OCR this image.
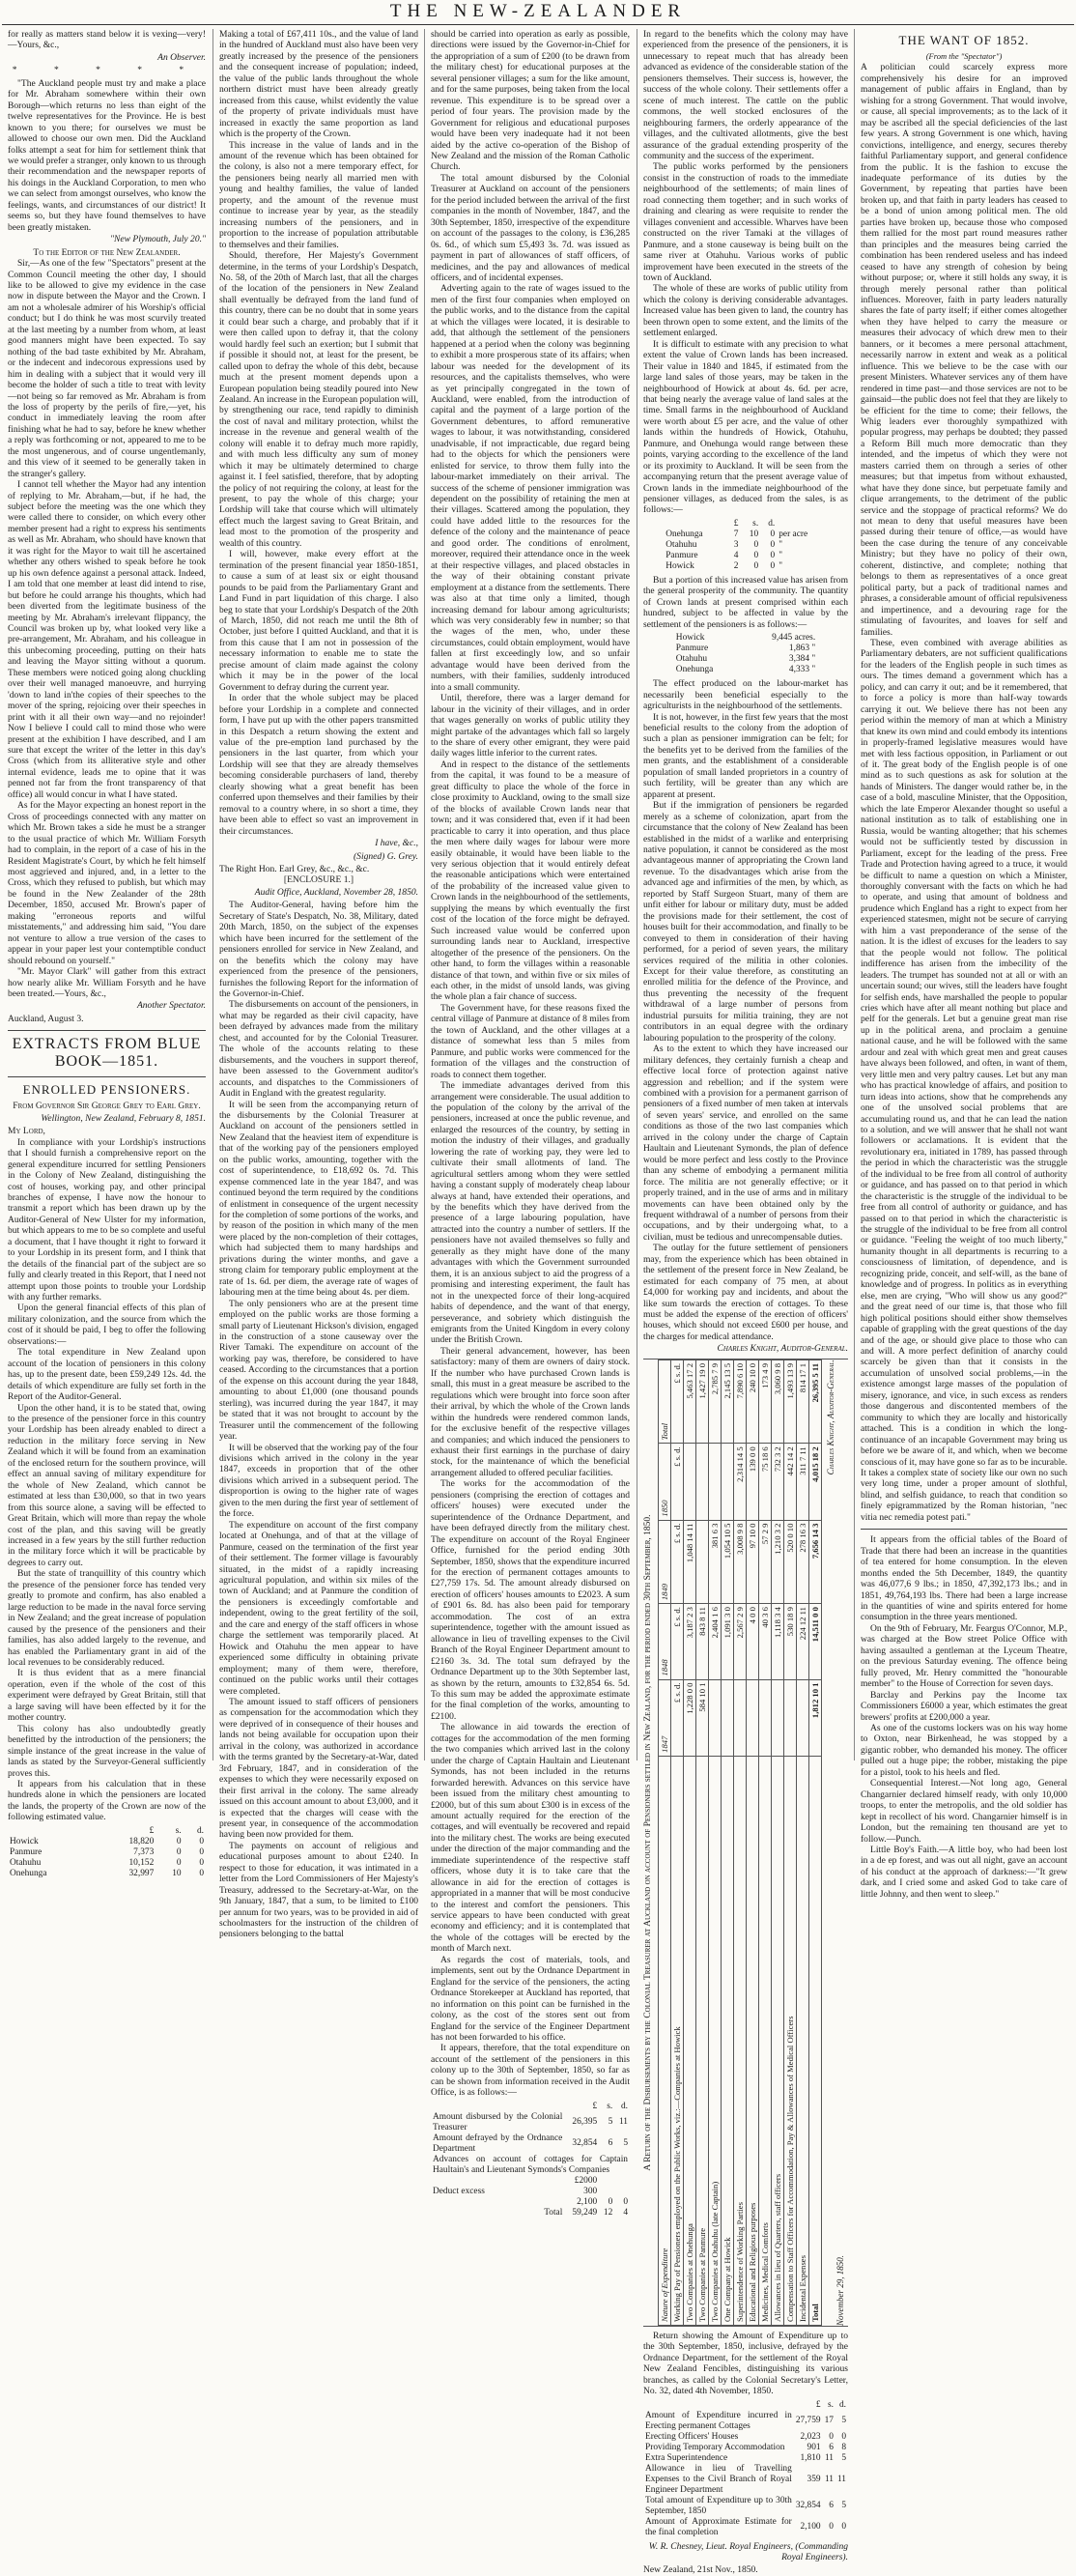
THE NEW-ZEALANDER

for really as matters stand below it is vexing—very!—Yours, &c.,

An Observer.
* * * * *

"The Auckland people must try and make a place for Mr. Abraham somewhere within their own Borough—which returns no less than eight of the twelve representatives for the Province. He is best known to you there; for ourselves we must be allowed to choose our own men. Did the Auckland folks attempt a seat for him for settlement think that we would prefer a stranger, only known to us through their recommendation and the newspaper reports of his doings in the Auckland Corporation, to men who we can select from amongst ourselves, who know the feelings, wants, and circumstances of our district! It seems so, but they have found themselves to have been greatly mistaken.

"New Plymouth, July 20."
To the Editor of the New Zealander.

Sir,—As one of the few "Spectators" present at the Common Council meeting the other day, I should like to be allowed to give my evidence in the case now in dispute between the Mayor and the Crown. I am not a wholesale admirer of his Worship's official conduct; but I do think he was most scurvily treated at the last meeting by a number from whom, at least good manners might have been expected. To say nothing of the bad taste exhibited by Mr. Abraham, or the indecent and indecorous expressions used by him in dealing with a subject that it would very ill become the holder of such a title to treat with levity—not being so far removed as Mr. Abraham is from the loss of property by the perils of fire,—yet, his conduct in immediately leaving the room after finishing what he had to say, before he knew whether a reply was forthcoming or not, appeared to me to be the most ungenerous, and of course ungentlemanly, and this view of it seemed to be generally taken in the stranger's gallery.

I cannot tell whether the Mayor had any intention of replying to Mr. Abraham,—but, if he had, the subject before the meeting was the one which they were called there to consider, on which every other member present had a right to express his sentiments as well as Mr. Abraham, who should have known that it was right for the Mayor to wait till he ascertained whether any others wished to speak before he took up his own defence against a personal attack. Indeed, I am told that one member at least did intend to rise, but before he could arrange his thoughts, which had been diverted from the legitimate business of the meeting by Mr. Abraham's irrelevant flippancy, the Council was broken up by, what looked very like a pre-arrangement, Mr. Abraham, and his colleague in this unbecoming proceeding, putting on their hats and leaving the Mayor sitting without a quorum. These members were noticed going along chuckling over their well managed manoeuvre, and hurrying 'down to land in'the copies of their speeches to the mover of the spring, rejoicing over their speeches in print with it all their own way—and no rejoinder! Now I believe I could call to mind those who were present at the exhibition I have described, and I am sure that except the writer of the letter in this day's Cross (which from its alliterative style and other internal evidence, leads me to opine that it was penned not far from the front transparency of that office) all would concur in what I have stated.

As for the Mayor expecting an honest report in the Cross of proceedings connected with any matter on which Mr. Brown takes a side he must be a stranger to the usual practice of which Mr. William Forsyth had to complain, in the report of a case of his in the Resident Magistrate's Court, by which he felt himself most aggrieved and injured, and, in a letter to the Cross, which they refused to publish, but which may be found in the New Zealander of the 28th December, 1850, accused Mr. Brown's paper of making "erroneous reports and wilful misstatements," and addressing him said, "You dare not venture to allow a true version of the cases to appear in your paper lest your contemptible conduct should rebound on yourself."

"Mr. Mayor Clark" will gather from this extract how nearly alike Mr. William Forsyth and he have been treated.—Yours, &c.,

Another Spectator.

Auckland, August 3.

EXTRACTS FROM BLUE BOOK—1851.
ENROLLED PENSIONERS.
From Governor Sir George Grey to Earl Grey.
Wellington, New Zealand, February 8, 1851.

My Lord,

In compliance with your Lordship's instructions that I should furnish a comprehensive report on the general expenditure incurred for settling Pensioners in the Colony of New Zealand, distinguishing the cost of houses, working pay, and other principal branches of expense, I have now the honour to transmit a report which has been drawn up by the Auditor-General of New Ulster for my information, but which appears to me to be so complete and useful a document, that I have thought it right to forward it to your Lordship in its present form, and I think that the details of the financial part of the subject are so fully and clearly treated in this Report, that I need not attempt upon those points to trouble your Lordship with any further remarks.

Upon the general financial effects of this plan of military colonization, and the source from which the cost of it should be paid, I beg to offer the following observations:—

The total expenditure in New Zealand upon account of the location of pensioners in this colony has, up to the present date, been £59,249 12s. 4d. the details of which expenditure are fully set forth in the Report of the Auditor-General.

Upon the other hand, it is to be stated that, owing to the presence of the pensioner force in this country your Lordship has been already enabled to direct a reduction in the military force serving in New Zealand which it will be found from an examination of the enclosed return for the southern province, will effect an annual saving of military expenditure for the whole of New Zealand, which cannot be estimated at less than £30,000, so that in two years from this source alone, a saving will be effected to Great Britain, which will more than repay the whole cost of the plan, and this saving will be greatly increased in a few years by the still further reduction in the military force which it will be practicable by degrees to carry out.

But the state of tranquillity of this country which the presence of the pensioner force has tended very greatly to promote and confirm, has also enabled a large reduction to be made in the naval force serving in New Zealand; and the great increase of population caused by the presence of the pensioners and their families, has also added largely to the revenue, and has enabled the Parliamentary grant in aid of the local revenues to be considerably reduced.

It is thus evident that as a mere financial operation, even if the whole of the cost of this experiment were defrayed by Great Britain, still that a large saving will have been effected by it for the mother country.

This colony has also undoubtedly greatly benefitted by the introduction of the pensioners; the simple instance of the great increase in the value of lands as stated by the Surveyor-General sufficiently proves this.

It appears from his calculation that in these hundreds alone in which the pensioners are located the lands, the property of the Crown are now of the following estimated value.

	£	s.	d.
Howick	18,820	0	0
Panmure	7,373	0	0
Otahuhu	10,152	0	0
Onehunga	32,997	10	0

Making a total of £67,411 10s., and the value of land in the hundred of Auckland must also have been very greatly increased by the presence of the pensioners and the consequent increase of population; indeed, the value of the public lands throughout the whole northern district must have been already greatly increased from this cause, whilst evidently the value of the property of private individuals must have increased in exactly the same proportion as land which is the property of the Crown.

This increase in the value of lands and in the amount of the revenue which has been obtained for the colony, is also not a mere temporary effect, for the pensioners being nearly all married men with young and healthy families, the value of landed property, and the amount of the revenue must continue to increase year by year, as the steadily increasing numbers of the pensioners, and in proportion to the increase of population attributable to themselves and their families.

Should, therefore, Her Majesty's Government determine, in the terms of your Lordship's Despatch, No. 58, of the 20th of March last, that all the charges of the location of the pensioners in New Zealand shall eventually be defrayed from the land fund of this country, there can be no doubt that in some years it could bear such a charge, and probably that if it were then called upon to defray it, that the colony would hardly feel such an exertion; but I submit that if possible it should not, at least for the present, be called upon to defray the whole of this debt, because much at the present moment depends upon a European population being steadily poured into New Zealand. An increase in the European population will, by strengthening our race, tend rapidly to diminish the cost of naval and military protection, whilst the increase in the revenue and general wealth of the colony will enable it to defray much more rapidly, and with much less difficulty any sum of money which it may be ultimately determined to charge against it. I feel satisfied, therefore, that by adopting the policy of not requiring the colony, at least for the present, to pay the whole of this charge; your Lordship will take that course which will ultimately effect much the largest saving to Great Britain, and lead most to the promotion of the prosperity and wealth of this country.

I will, however, make every effort at the termination of the present financial year 1850-1851, to cause a sum of at least six or eight thousand pounds to be paid from the Parliamentary Grant and Land Fund in part liquidation of this charge. I also beg to state that your Lordship's Despatch of the 20th of March, 1850, did not reach me until the 8th of October, just before I quitted Auckland, and that it is from this cause that I am not in possession of the necessary information to enable me to state the precise amount of claim made against the colony which it may be in the power of the local Government to defray during the current year.

In order that the whole subject may be placed before your Lordship in a complete and connected form, I have put up with the other papers transmitted in this Despatch a return showing the extent and value of the pre-emption land purchased by the pensioners in the last quarter, from which your Lordship will see that they are already themselves becoming considerable purchasers of land, thereby clearly showing what a great benefit has been conferred upon themselves and their families by their removal to a country where, in so short a time, they have been able to effect so vast an improvement in their circumstances.

I have, &c.,
(Signed) G. Grey.

The Right Hon. Earl Grey, &c., &c., &c.

[ENCLOSURE 1.]
Audit Office, Auckland, November 28, 1850.

The Auditor-General, having before him the Secretary of State's Despatch, No. 38, Military, dated 20th March, 1850, on the subject of the expenses which have been incurred for the settlement of the pensioners enrolled for service in New Zealand, and on the benefits which the colony may have experienced from the presence of the pensioners, furnishes the following Report for the information of the Governor-in-Chief.

The disbursements on account of the pensioners, in what may be regarded as their civil capacity, have been defrayed by advances made from the military chest, and accounted for by the Colonial Treasurer. The whole of the accounts relating to these disbursements, and the vouchers in support thereof, have been assessed to the Government auditor's accounts, and dispatches to the Commissioners of Audit in England with the greatest regularity.

It will be seen from the accompanying return of the disbursements by the Colonial Treasurer at Auckland on account of the pensioners settled in New Zealand that the heaviest item of expenditure is that of the working pay of the pensioners employed on the public works, amounting, together with the cost of superintendence, to £18,692 0s. 7d. This expense commenced late in the year 1847, and was continued beyond the term required by the conditions of enlistment in consequence of the urgent necessity for the completion of some portions of the works, and by reason of the position in which many of the men were placed by the non-completion of their cottages, which had subjected them to many hardships and privations during the winter months, and gave a strong claim for temporary public employment at the rate of 1s. 6d. per diem, the average rate of wages of labouring men at the time being about 4s. per diem.

The only pensioners who are at the present time employed on the public works are those forming a small party of Lieutenant Hickson's division, engaged in the construction of a stone causeway over the River Tamaki. The expenditure on account of the working pay was, therefore, be considered to have ceased. According to the circumstances that a portion of the expense on this account during the year 1848, amounting to about £1,000 (one thousand pounds sterling), was incurred during the year 1847, it may be stated that it was not brought to account by the Treasurer until the commencement of the following year.

It will be observed that the working pay of the four divisions which arrived in the colony in the year 1847, exceeds in proportion that of the other divisions which arrived in a subsequent period. The disproportion is owing to the higher rate of wages given to the men during the first year of settlement of the force.

The expenditure on account of the first company located at Onehunga, and of that at the village of Panmure, ceased on the termination of the first year of their settlement. The former village is favourably situated, in the midst of a rapidly increasing agricultural population, and within six miles of the town of Auckland; and at Panmure the condition of the pensioners is exceedingly comfortable and independent, owing to the great fertility of the soil, and the care and energy of the staff officers in whose charge the settlement was temporarily placed. At Howick and Otahuhu the men appear to have experienced some difficulty in obtaining private employment; many of them were, therefore, continued on the public works until their cottages were completed.

The amount issued to staff officers of pensioners as compensation for the accommodation which they were deprived of in consequence of their houses and lands not being available for occupation upon their arrival in the colony, was authorized in accordance with the terms granted by the Secretary-at-War, dated 3rd February, 1847, and in consideration of the expenses to which they were necessarily exposed on their first arrival in the colony. The same already issued on this account amount to about £3,000, and it is expected that the charges will cease with the present year, in consequence of the accommodation having been now provided for them.

The payments on account of religious and educational purposes amount to about £240. In respect to those for education, it was intimated in a letter from the Lord Commissioners of Her Majesty's Treasury, addressed to the Secretary-at-War, on the 9th January, 1847, that a sum, to be limited to £100 per annum for two years, was to be provided in aid of schoolmasters for the instruction of the children of pensioners belonging to the battal

should be carried into operation as early as possible, directions were issued by the Governor-in-Chief for the appropriation of a sum of £200 (to be drawn from the military chest) for educational purposes at the several pensioner villages; a sum for the like amount, and for the same purposes, being taken from the local revenue. This expenditure is to be spread over a period of four years. The provision made by the Government for religious and educational purposes would have been very inadequate had it not been aided by the active co-operation of the Bishop of New Zealand and the mission of the Roman Catholic Church.

The total amount disbursed by the Colonial Treasurer at Auckland on account of the pensioners for the period included between the arrival of the first companies in the month of November, 1847, and the 30th September, 1850, irrespective of the expenditure on account of the passages to the colony, is £36,285 0s. 6d., of which sum £5,493 3s. 7d. was issued as payment in part of allowances of staff officers, of medicines, and the pay and allowances of medical officers, and of incidental expenses.

Adverting again to the rate of wages issued to the men of the first four companies when employed on the public works, and to the distance from the capital at which the villages were located, it is desirable to add, that although the settlement of the pensioners happened at a period when the colony was beginning to exhibit a more prosperous state of its affairs; when labour was needed for the development of its resources, and the capitalists themselves, who were as yet principally congregated in the town of Auckland, were enabled, from the introduction of capital and the payment of a large portion of the Government debentures, to afford remunerative wages to labour, it was notwithstanding, considered unadvisable, if not impracticable, due regard being had to the objects for which the pensioners were enlisted for service, to throw them fully into the labour-market immediately on their arrival. The success of the scheme of pensioner immigration was dependent on the possibility of retaining the men at their villages. Scattered among the population, they could have added little to the resources for the defence of the colony and the maintenance of peace and good order. The conditions of enrolment, moreover, required their attendance once in the week at their respective villages, and placed obstacles in the way of their obtaining constant private employment at a distance from the settlements. There was also at that time only a limited, though increasing demand for labour among agriculturists; which was very considerably few in number; so that the wages of the men, who, under these circumstances, could obtain employment, would have fallen at first exceedingly low, and so unfair advantage would have been derived from the numbers, with their families, suddenly introduced into a small community.

Until, therefore, there was a larger demand for labour in the vicinity of their villages, and in order that wages generally on works of public utility they might partake of the advantages which fall so largely to the share of every other emigrant, they were paid daily wages little inferior to the current rates.

And in respect to the distance of the settlements from the capital, it was found to be a measure of great difficulty to place the whole of the force in close proximity to Auckland, owing to the small size of the blocks of available Crown lands near that town; and it was considered that, even if it had been practicable to carry it into operation, and thus place the men where daily wages for labour were more easily obtainable, it would have been liable to the very serious objection that it would entirely defeat the reasonable anticipations which were entertained of the probability of the increased value given to Crown lands in the neighbourhood of the settlements, supplying the means by which eventually the first cost of the location of the force might be defrayed. Such increased value would be conferred upon surrounding lands near to Auckland, irrespective altogether of the presence of the pensioners. On the other hand, to form the villages within a reasonable distance of that town, and within five or six miles of each other, in the midst of unsold lands, was giving the whole plan a fair chance of success.

The Government have, for these reasons fixed the central village of Panmure at distance of 8 miles from the town of Auckland, and the other villages at a distance of somewhat less than 5 miles from Panmure, and public works were commenced for the formation of the villages and the construction of roads to connect them together.

The immediate advantages derived from this arrangement were considerable. The usual addition to the population of the colony by the arrival of the pensioners, increased at once the public revenue, and enlarged the resources of the country, by setting in motion the industry of their villages, and gradually lowering the rate of working pay, they were led to cultivate their small allotments of land. The agricultural settlers among whom they were settled having a constant supply of moderately cheap labour always at hand, have extended their operations, and by the benefits which they have derived from the presence of a large labouring population, have attracted into the country a number of settlers. If the pensioners have not availed themselves so fully and generally as they might have done of the many advantages with which the Government surrounded them, it is an anxious subject to aid the progress of a promising and interesting experiment, the fault has not in the unexpected force of their long-acquired habits of dependence, and the want of that energy, perseverance, and sobriety which distinguish the emigrants from the United Kingdom in every colony under the British Crown.

Their general advancement, however, has been satisfactory: many of them are owners of dairy stock. If the number who have purchased Crown lands is small, this must in a great measure be ascribed to the regulations which were brought into force soon after their arrival, by which the whole of the Crown lands within the hundreds were rendered common lands, for the exclusive benefit of the respective villages and companies; and which induced the pensioners to exhaust their first earnings in the purchase of dairy stock, for the maintenance of which the beneficial arrangement alluded to offered peculiar facilities.

The works for the accommodation of the pensioners (comprising the erection of cottages and officers' houses) were executed under the superintendence of the Ordnance Department, and have been defrayed directly from the military chest. The expenditure on account of the Royal Engineer Office, furnished for the period ending 30th September, 1850, shows that the expenditure incurred for the erection of permanent cottages amounts to £27,759 17s. 5d. The amount already disbursed on erection of officers' houses amounts to £2023. A sum of £901 6s. 8d. has also been paid for temporary accommodation. The cost of an extra superintendence, together with the amount issued as allowance in lieu of travelling expenses to the Civil Branch of the Royal Engineer Department amount to £2160 3s. 3d. The total sum defrayed by the Ordnance Department up to the 30th September last, as shown by the return, amounts to £32,854 6s. 5d. To this sum may be added the approximate estimate for the final completion of the works, amounting to £2100.

The allowance in aid towards the erection of cottages for the accommodation of the men forming the two companies which arrived last in the colony under the charge of Captain Haultain and Lieutenant Symonds, has not been included in the returns forwarded herewith. Advances on this service have been issued from the military chest amounting to £2000, but of this sum about £300 is in excess of the amount actually required for the erection of the cottages, and will eventually be recovered and repaid into the military chest. The works are being executed under the direction of the major commanding and the immediate superintendence of the respective staff officers, whose duty it is to take care that the allowance in aid for the erection of cottages is appropriated in a manner that will be most conducive to the interest and comfort the pensioners. This service appears to have been conducted with great economy and efficiency; and it is contemplated that the whole of the cottages will be erected by the month of March next.

As regards the cost of materials, tools, and implements, sent out by the Ordnance Department in England for the service of the pensioners, the acting Ordnance Storekeeper at Auckland has reported, that no information on this point can be furnished in the colony, as the cost of the stores sent out from England for the service of the Engineer Department has not been forwarded to his office.

It appears, therefore, that the total expenditure on account of the settlement of the pensioners in this colony up to the 30th of September, 1850, so far as can be shown from information received in the Audit Office, is as follows:—

	£	s.	d.
Amount disbursed by the Colonial Treasurer	26,395	5	11
Amount defrayed by the Ordnance Department	32,854	6	5
Advances on account of cottages for Captain Haultain's and Lieutenant Symonds's Companies			
	£2000		
Deduct excess	300		
	2,100	0	0
Total	59,249	12	4

In regard to the benefits which the colony may have experienced from the presence of the pensioners, it is unnecessary to repeat much that has already been advanced as evidence of the considerable station of the pensioners themselves. Their success is, however, the success of the whole colony. Their settlements offer a scene of much interest. The cattle on the public commons, the well stocked enclosures of the neighbouring farmers, the orderly appearance of the villages, and the cultivated allotments, give the best assurance of the gradual extending prosperity of the community and the success of the experiment.

The public works performed by the pensioners consist in the construction of roads to the immediate neighbourhood of the settlements; of main lines of road connecting them together; and in such works of draining and clearing as were requisite to render the villages convenient and accessible. Wharves have been constructed on the river Tamaki at the villages of Panmure, and a stone causeway is being built on the same river at Otahuhu. Various works of public improvement have been executed in the streets of the town of Auckland.

The whole of these are works of public utility from which the colony is deriving considerable advantages. Increased value has been given to land, the country has been thrown open to some extent, and the limits of the settlement enlarged.

It is difficult to estimate with any precision to what extent the value of Crown lands has been increased. Their value in 1840 and 1845, if estimated from the large land sales of those years, may be taken in the neighbourhood of Howick at about 4s. 6d. per acre, that being nearly the average value of land sales at the time. Small farms in the neighbourhood of Auckland were worth about £5 per acre, and the value of other lands within the hundreds of Howick, Otahuhu, Panmure, and Onehunga would range between these points, varying according to the excellence of the land or its proximity to Auckland. It will be seen from the accompanying return that the present average value of Crown lands in the immediate neighbourhood of the pensioner villages, as deduced from the sales, is as follows:—

	£	s.	d.	
Onehunga	7	10	0	per acre
Otahuhu	3	0	0	"
Panmure	4	0	0	"
Howick	2	0	0	"

But a portion of this increased value has arisen from the general prosperity of the community. The quantity of Crown lands at present comprised within each hundred, subject to be affected in value by the settlement of the pensioners is as follows:—

Howick	9,445 acres.
Panmure	1,863 "
Otahuhu	3,384 "
Onehunga	4,333 "

The effect produced on the labour-market has necessarily been beneficial especially to the agriculturists in the neighbourhood of the settlements.

It is not, however, in the first few years that the most beneficial results to the colony from the adoption of such a plan as pensioner immigration can be felt; for the benefits yet to be derived from the families of the men grants, and the establishment of a considerable population of small landed proprietors in a country of such fertility, will be greater than any which are apparent at present.

But if the immigration of pensioners be regarded merely as a scheme of colonization, apart from the circumstance that the colony of New Zealand has been established in the midst of a warlike and enterprising native population, it cannot be considered as the most advantageous manner of appropriating the Crown land revenue. To the disadvantages which arise from the advanced age and infirmities of the men, by which, as reported by Staff Surgeon Stuart, many of them are unfit either for labour or military duty, must be added the provisions made for their settlement, the cost of houses built for their accommodation, and finally to be conveyed to them in consideration of their having performed, for a period of seven years, the military services required of the militia in other colonies. Except for their value therefore, as constituting an enrolled militia for the defence of the Province, and thus preventing the necessity of the frequent withdrawal of a large number of persons from industrial pursuits for militia training, they are not contributors in an equal degree with the ordinary labouring population to the prosperity of the colony.

As to the extent to which they have increased our military defences, they certainly furnish a cheap and effective local force of protection against native aggression and rebellion; and if the system were combined with a provision for a permanent garrison of pensioners of a fixed number of men taken at intervals of seven years' service, and enrolled on the same conditions as those of the two last companies which arrived in the colony under the charge of Captain Haultain and Lieutenant Symonds, the plan of defence would be more perfect and less costly to the Province than any scheme of embodying a permanent militia force. The militia are not generally effective; or it properly trained, and in the use of arms and in military movements can have been obtained only by the frequent withdrawal of a number of persons from their occupations, and by their undergoing what, to a civilian, must be tedious and unrecompensable duties.

The outlay for the future settlement of pensioners may, from the experience which has been obtained in the settlement of the present force in New Zealand, be estimated for each company of 75 men, at about £4,000 for working pay and incidents, and about the like sum towards the erection of cottages. To these must be added the expense of the erection of officers' houses, which should not exceed £600 per house, and the charges for medical attendance.

Charles Knight, Auditor-General.
A Return of the Disbursements by the Colonial Treasurer at Auckland on account of Pensioners settled in New Zealand, for the period ended 30th September, 1850.
Nature of Expenditure	1847	1848	1849	1850	Total
Working Pay of Pensioners employed on the Public Works, viz.:—Companies at Howick	£ s. d.	£ s. d.	£ s. d.	£ s. d.	£ s. d.
Two Companies at Onehunga	1,228 0 0	3,187 2 3	1,048 14 11		5,463 17 2
Two Companies at Panmure	584 10 1	843 8 11			1,427 19 0
Two Companies at Otahuhu (late Captain)		2,404 1 6	381 6 3		2,785 7 9
One Company at Howick		1,091 3 0	1,054 10 5		2,145 13 5
Superintendence of Working Parties		2,567 2 9	3,008 9 8	2,314 14 5	7,890 6 10
Educational and Religious purposes		4 0 0	97 10 0	139 0 0	240 10 0
Medicines, Medical Comforts		40 3 6	57 2 9	75 18 6	173 4 9
Allowances in lieu of Quarters, staff officers		1,118 3 4	1,210 3 2	732 3 2	3,060 9 8
Compensation to Staff Officers for Accommodation, Pay & Allowances of Medical Officers		530 18 9	520 0 10	442 14 2	1,493 13 9
Incidental Expenses		224 12 11	278 16 3	311 7 11	814 17 1
Total	1,812 10 1	14,511 0 0	7,656 14 3	4,015 18 2	26,395 5 11 Charles Knight, Auditor-General.
November 29, 1850.

Return showing the Amount of Expenditure up to the 30th September, 1850, inclusive, defrayed by the Ordnance Department, for the settlement of the Royal New Zealand Fencibles, distinguishing its various branches, as called by the Colonial Secretary's Letter, No. 32, dated 4th November, 1850.

	£	s.	d.
Amount of Expenditure incurred in Erecting permanent Cottages	27,759	17	5
Erecting Officers' Houses	2,023	0	0
Providing Temporary Accommodation	901	6	8
Extra Superintendence	1,810	11	5
Allowance in lieu of Travelling Expenses to the Civil Branch of Royal Engineer Department	359	11	11
Total amount of Expenditure up to 30th September, 1850	32,854	6	5
Amount of Approximate Estimate for the final completion	2,100	0	0
W. R. Chesney, Lieut. Royal Engineers, (Commanding Royal Engineers).

New Zealand, 21st Nov., 1850.

THE WANT OF 1852.
(From the "Spectator")

A politician could scarcely express more comprehensively his desire for an improved management of public affairs in England, than by wishing for a strong Government. That would involve, or cause, all special improvements; as to the lack of it may be ascribed all the special deficiencies of the last few years. A strong Government is one which, having convictions, intelligence, and energy, secures thereby faithful Parliamentary support, and general confidence from the public. It is the fashion to excuse the inadequate performance of its duties by the Government, by repeating that parties have been broken up, and that faith in party leaders has ceased to be a bond of union among political men. The old parties have broken up, because those who composed them rallied for the most part round measures rather than principles and the measures being carried the combination has been rendered useless and has indeed ceased to have any strength of cohesion by being without purpose; or, where it still holds any sway, it is through merely personal rather than political influences. Moreover, faith in party leaders naturally shares the fate of party itself; if either comes altogether when they have helped to carry the measure or measures their advocacy of which drew men to their banners, or it becomes a mere personal attachment, necessarily narrow in extent and weak as a political influence. This we believe to be the case with our present Ministers. Whatever services any of them have rendered in time past—and those services are not to be gainsaid—the public does not feel that they are likely to be efficient for the time to come; their fellows, the Whig leaders ever thoroughly sympathized with popular progress, may perhaps be doubted; they passed a Reform Bill much more democratic than they intended, and the impetus of which they were not masters carried them on through a series of other measures; but that impetus from without exhausted, what have they done since, but perpetuate family and clique arrangements, to the detriment of the public service and the stoppage of practical reforms? We do not mean to deny that useful measures have been passed during their tenure of office,—as would have been the case during the tenure of any conceivable Ministry; but they have no policy of their own, coherent, distinctive, and complete; nothing that belongs to them as representatives of a once great political party, but a pack of traditional names and phrases, a considerable amount of official repulsiveness and impertinence, and a devouring rage for the stimulating of favourites, and loaves for self and families.

These, even combined with average abilities as Parliamentary debaters, are not sufficient qualifications for the leaders of the English people in such times as ours. The times demand a government which has a policy, and can carry it out; and be it remembered, that to force a policy is more than half-way towards carrying it out. We believe there has not been any period within the memory of man at which a Ministry that knew its own mind and could embody its intentions in properly-framed legislative measures would have met with less factious opposition, in Parliament or out of it. The great body of the English people is of one mind as to such questions as ask for solution at the hands of Ministers. The danger would rather be, in the case of a bold, masculine Minister, that the Opposition, which the late Emperor Alexander thought so useful a national institution as to talk of establishing one in Russia, would be wanting altogether; that his schemes would not be sufficiently tested by discussion in Parliament, except for the leading of the press. Free Trade and Protection having agreed to a truce, it would be difficult to name a question on which a Minister, thoroughly conversant with the facts on which he had to operate, and using that amount of boldness and prudence which England has a right to expect from her experienced statesmen, might not be secure of carrying with him a vast preponderance of the sense of the nation. It is the idlest of excuses for the leaders to say that the people would not follow. The political indifference has arisen from the imbecility of the leaders. The trumpet has sounded not at all or with an uncertain sound; our wives, still the leaders have fought for selfish ends, have marshalled the people to popular cries which have after all meant nothing but place and pelf for the generals. Let but a genuine great man rise up in the political arena, and proclaim a genuine national cause, and he will be followed with the same ardour and zeal with which great men and great causes have always been followed, and often, in want of them, very little men and very paltry causes. Let but any man who has practical knowledge of affairs, and position to turn ideas into actions, show that he comprehends any one of the unsolved social problems that are accumulating round us, and that he can lead the nation to a solution, and we will answer that he shall not want followers or acclamations. It is evident that the revolutionary era, initiated in 1789, has passed through the period in which the characteristic was the struggle of the individual to be free from all control of authority or guidance, and has passed on to that period in which the characteristic is the struggle of the individual to be free from all control of authority or guidance, and has passed on to that period in which the characteristic is the struggle of the individual to be free from all control or guidance. "Feeling the weight of too much liberty," humanity thought in all departments is recurring to a consciousness of limitation, of dependence, and is recognizing pride, conceit, and self-will, as the bane of knowledge and of progress. In politics as in everything else, men are crying, "Who will show us any good?" and the great need of our time is, that those who fill high political positions should either show themselves capable of grappling with the great questions of the day and of the age, or should give place to those who can and will. A more perfect definition of anarchy could scarcely be given than that it consists in the accumulation of unsolved social problems,—in the existence amongst large masses of the population of misery, ignorance, and vice, in such excess as renders those dangerous and discontented members of the community to which they are locally and historically attached. This is a condition in which the long-continuance of an incapable Government may bring us before we be aware of it, and which, when we become conscious of it, may have gone so far as to be incurable. It takes a complex state of society like our own no such very long time, under a proper amount of slothful, blind, and selfish guidance, to reach that condition so finely epigrammatized by the Roman historian, "nec vitia nec remedia potest pati."

It appears from the official tables of the Board of Trade that there had been an increase in the quantities of tea entered for home consumption. In the eleven months ended the 5th December, 1849, the quantity was 46,077,6 9 lbs.; in 1850, 47,392,173 lbs.; and in 1851, 49,764,193 lbs. There had been a large increase in the quantities of wine and spirits entered for home consumption in the three years mentioned.

On the 9th of February, Mr. Feargus O'Connor, M.P., was charged at the Bow street Police Office with having assaulted a gentleman at the Lyceum Theatre, on the previous Saturday evening. The offence being fully proved, Mr. Henry committed the "honourable member" to the House of Correction for seven days.

Barclay and Perkins pay the Income tax Commissioners £6000 a year, which estimates the great brewers' profits at £200,000 a year.

As one of the customs lockers was on his way home to Oxton, near Birkenhead, he was stopped by a gigantic robber, who demanded his money. The officer pulled out a huge pipe; the robber, mistaking the pipe for a pistol, took to his heels and fled.

Consequential Interest.—Not long ago, General Changarnier declared himself ready, with only 10,000 troops, to enter the metropolis, and the old soldier has kept in recollect of his word. Changarnier himself is in London, but the remaining ten thousand are yet to follow.—Punch.

Little Boy's Faith.—A little boy, who had been lost in a de ep forest, and was out all night, gave an account of his conduct at the approach of darkness:—"It grew dark, and I cried some and asked God to take care of little Johnny, and then went to sleep."
